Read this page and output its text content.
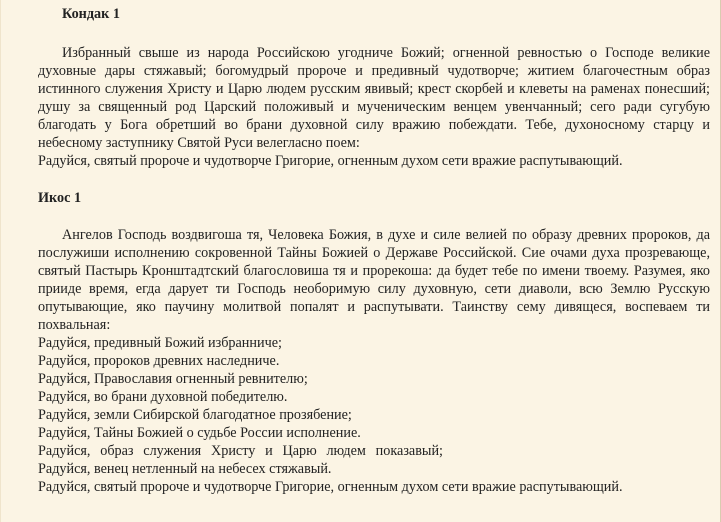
Кондак 1

Избранный свыше из народа Российскою угодниче Божий; огненной ревностью о Господе великие духовные дары стяжавый; богомудрый пророче и предивный чудотворче; житием благочестным образ истинного служения Христу и Царю людем русским явивый; крест скорбей и клеветы на раменах понесший; душу за священный род Царский положивый и мученическим венцем увенчанный; сего ради сугубую благодать у Бога обретший во брани духовной силу вражию побеждати. Тебе, духоносному старцу и небесному заступнику Святой Руси велегласно поем:

Радуйся, святый пророче и чудотворче Григорие, огненным духом сети вражие распутывающий.

Икос 1

Ангелов Господь воздвигоша тя, Человека Божия, в духе и силе велией по образу древних пророков, да послужиши исполнению сокровенной Тайны Божией о Державе Российской. Сие очами духа прозревающе, святый Пастырь Кронштадтский благословиша тя и прорекоша: да будет тебе по имени твоему. Разумея, яко прииде время, егда дарует ти Господь необоримую силу духовную, сети диаволи, всю Землю Русскую опутывающие, яко паучину молитвой попалят и распутывати. Таинству сему дивящеся, воспеваем ти похвальная:

Радуйся, предивный Божий избранниче;

Радуйся, пророков древних наследниче.

Радуйся, Православия огненный ревнителю;

Радуйся, во брани духовной победителю.

Радуйся, земли Сибирской благодатное прозябение;

Радуйся, Тайны Божией о судьбе России исполнение.

Радуйся, образ служения Христу и Царю людем показавый;

Радуйся, венец нетленный на небесех стяжавый.

Радуйся, святый пророче и чудотворче Григорие, огненным духом сети вражие распутывающий.
